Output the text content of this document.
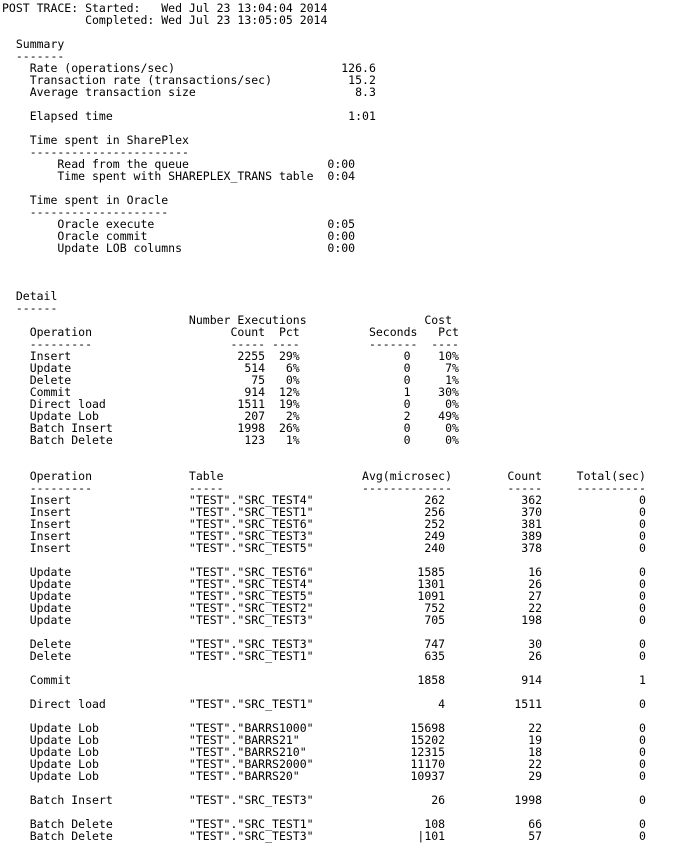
POST TRACE: Started:   Wed Jul 23 13:04:04 2014
Completed: Wed Jul 23 13:05:05 2014
Summary
-------
Rate (operations/sec)                        126.6
Transaction rate (transactions/sec)           15.2
Average transaction size                       8.3
Elapsed time                                  1:01
Time spent in SharePlex
-----------------------
Read from the queue                    0:00
Time spent with SHAREPLEX_TRANS table  0:04
Time spent in Oracle
--------------------
Oracle execute                         0:05
Oracle commit                          0:00
Update LOB columns                     0:00
Detail
------
Number Executions                 Cost
Operation                    Count  Pct          Seconds   Pct
---------                    ----- ----          -------  ----
Insert                        2255  29%               0    10%
Update                         514   6%               0     7%
Delete                          75   0%               0     1%
Commit                         914  12%               1    30%
Direct load                   1511  19%               0     0%
Update Lob                     207   2%               2    49%
Batch Insert                  1998  26%               0     0%
Batch Delete                   123   1%               0     0%
Operation              Table                    Avg(microsec)        Count     Total(sec)
---------              -----                    -------------        -----     ----------
Insert                 "TEST"."SRC_TEST4"                262           362              0
Insert                 "TEST"."SRC_TEST1"                256           370              0
Insert                 "TEST"."SRC_TEST6"                252           381              0
Insert                 "TEST"."SRC_TEST3"                249           389              0
Insert                 "TEST"."SRC_TEST5"                240           378              0
Update                 "TEST"."SRC_TEST6"               1585            16              0
Update                 "TEST"."SRC_TEST4"               1301            26              0
Update                 "TEST"."SRC_TEST5"               1091            27              0
Update                 "TEST"."SRC_TEST2"                752            22              0
Update                 "TEST"."SRC_TEST3"                705           198              0
Delete                 "TEST"."SRC_TEST3"                747            30              0
Delete                 "TEST"."SRC_TEST1"                635            26              0
Commit                                                  1858           914              1
Direct load            "TEST"."SRC_TEST1"                  4          1511              0
Update Lob             "TEST"."BARRS1000"              15698            22              0
Update Lob             "TEST"."BARRS21"                15202            19              0
Update Lob             "TEST"."BARRS210"               12315            18              0
Update Lob             "TEST"."BARRS2000"              11170            22              0
Update Lob             "TEST"."BARRS20"                10937            29              0
Batch Insert           "TEST"."SRC_TEST3"                 26          1998              0
Batch Delete           "TEST"."SRC_TEST1"                108            66              0
Batch Delete           "TEST"."SRC_TEST3"               |101            57              0
